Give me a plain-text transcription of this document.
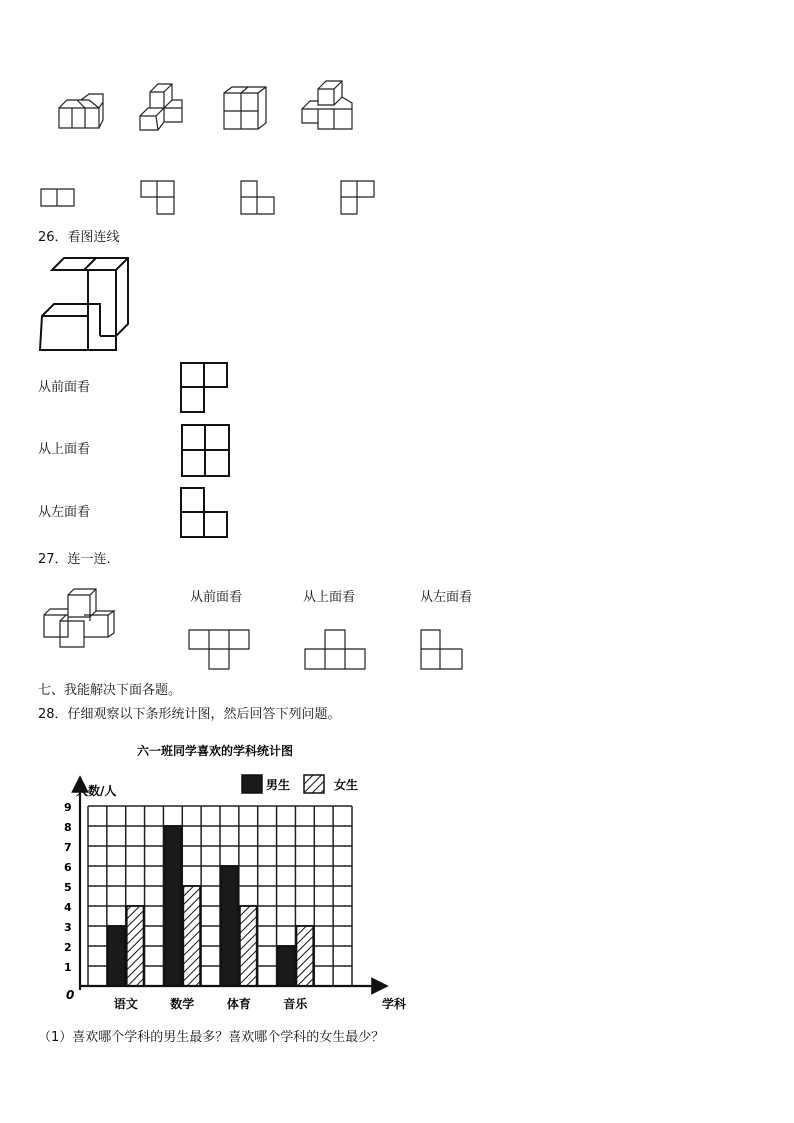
26．看图连线
从前面看
从上面看
从左面看
27．连一连.
从前面看	从上面看	从左面看
七、我能解决下面各题。
28．仔细观察以下条形统计图，然后回答下列问题。
六一班同学喜欢的学科统计图
人数/人	男生	女生
0
1
2
3
4
5
6
7
8
9
语文	数学	体育	音乐	学科
（1）喜欢哪个学科的男生最多？喜欢哪个学科的女生最少？
